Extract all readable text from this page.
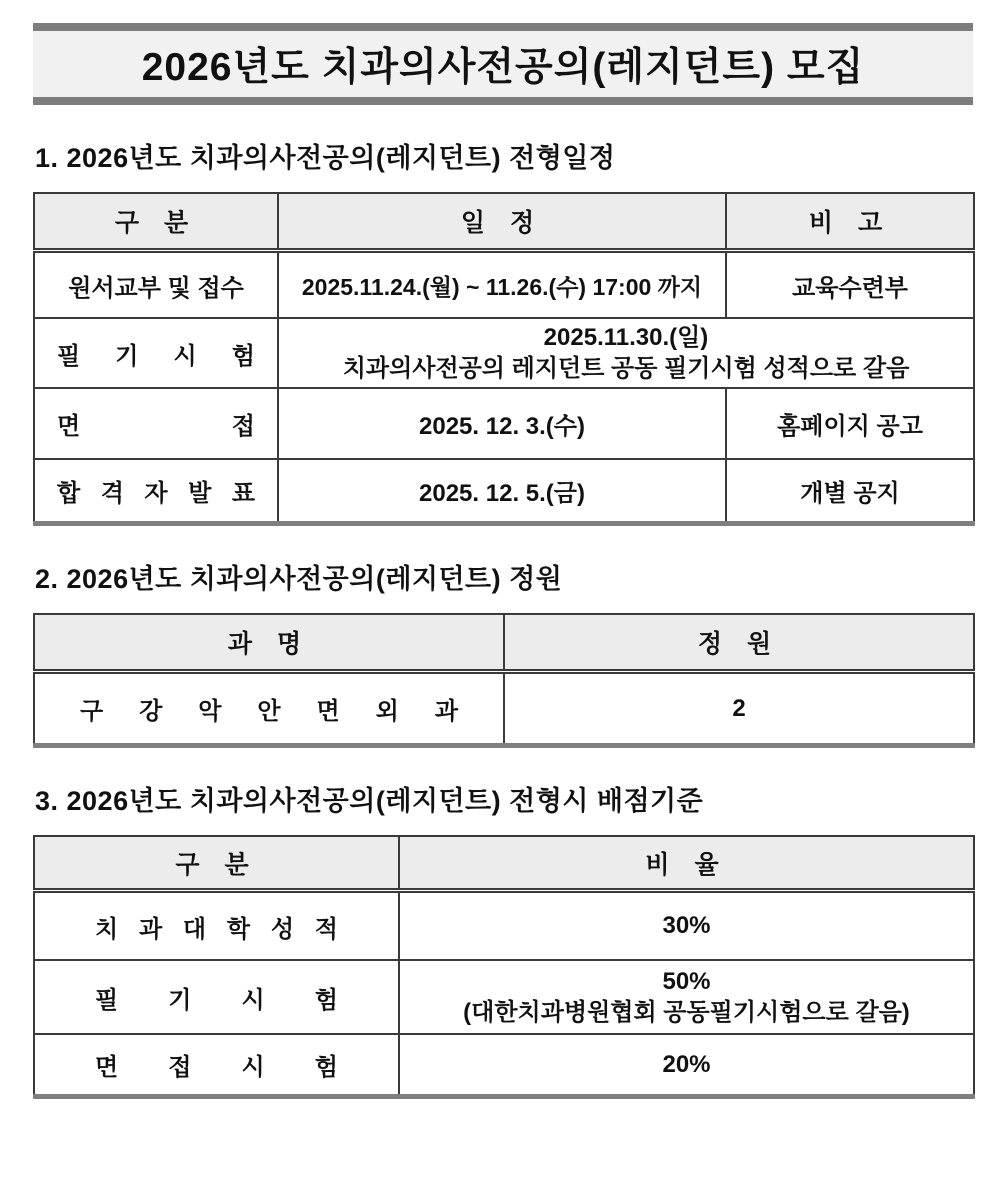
2026년도 치과의사전공의(레지던트) 모집
1. 2026년도 치과의사전공의(레지던트) 전형일정
구 분	일 정	비 고
원서교부 및 접수	2025.11.24.(월) ~ 11.26.(수) 17:00 까지	교육수련부
필 기 시 험	2025.11.30.(일)
치과의사전공의 레지던트 공동 필기시험 성적으로 갈음	

면 접	2025. 12. 3.(수)	홈페이지 공고
합 격 자 발 표	2025. 12. 5.(금)	개별 공지
2. 2026년도 치과의사전공의(레지던트) 정원
과 명	정 원
구 강 악 안 면 외 과	2
3. 2026년도 치과의사전공의(레지던트) 전형시 배점기준
구 분	비 율
치 과 대 학 성 적	30%
필 기 시 험	50%
(대한치과병원협회 공동필기시험으로 갈음)

면 접 시 험	20%
